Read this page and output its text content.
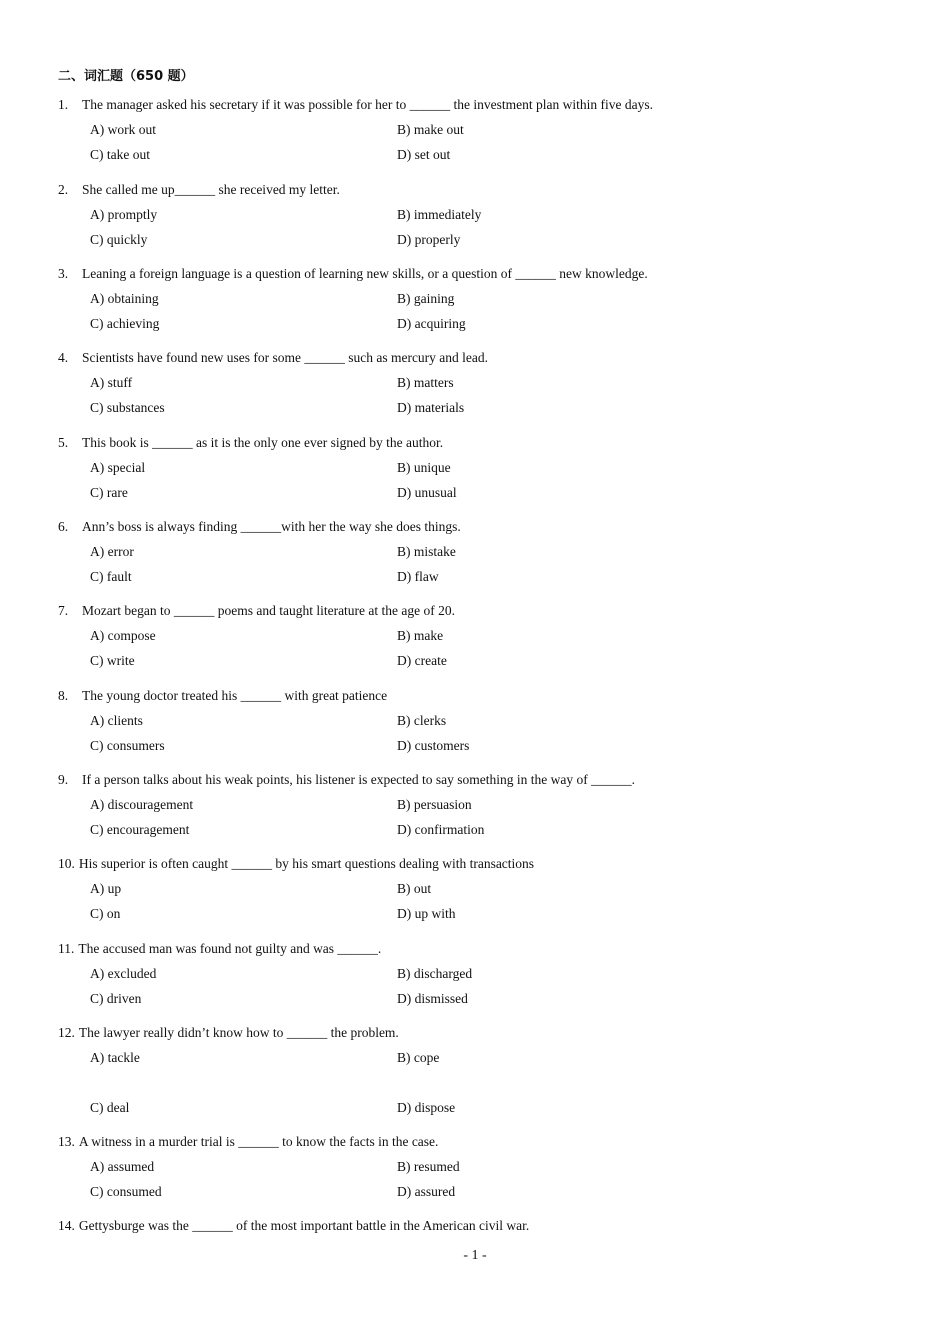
二、词汇题（650 题）
1. The manager asked his secretary if it was possible for her to ______ the investment plan within five days.
A) work out	B) make out
C) take out	D) set out
2. She called me up______ she received my letter.
A) promptly	B) immediately
C) quickly	D) properly
3. Leaning a foreign language is a question of learning new skills, or a question of ______ new knowledge.
A) obtaining	B) gaining
C) achieving	D) acquiring
4. Scientists have found new uses for some ______ such as mercury and lead.
A) stuff	B) matters
C) substances	D) materials
5. This book is ______ as it is the only one ever signed by the author.
A) special	B) unique
C) rare	D) unusual
6. Ann’s boss is always finding ______with her the way she does things.
A) error	B) mistake
C) fault	D) flaw
7. Mozart began to ______ poems and taught literature at the age of 20.
A) compose	B) make
C) write	D) create
8. The young doctor treated his ______ with great patience
A) clients	B) clerks
C) consumers	D) customers
9. If a person talks about his weak points, his listener is expected to say something in the way of ______.
A) discouragement	B) persuasion
C) encouragement	D) confirmation
10. His superior is often caught ______ by his smart questions dealing with transactions
A) up	B) out
C) on	D) up with
11. The accused man was found not guilty and was ______.
A) excluded	B) discharged
C) driven	D) dismissed
12. The lawyer really didn’t know how to ______ the problem.
A) tackle	B) cope
C) deal	D) dispose
13. A witness in a murder trial is ______ to know the facts in the case.
A) assumed	B) resumed
C) consumed	D) assured
14. Gettysburge was the ______ of the most important battle in the American civil war.
- 1 -
